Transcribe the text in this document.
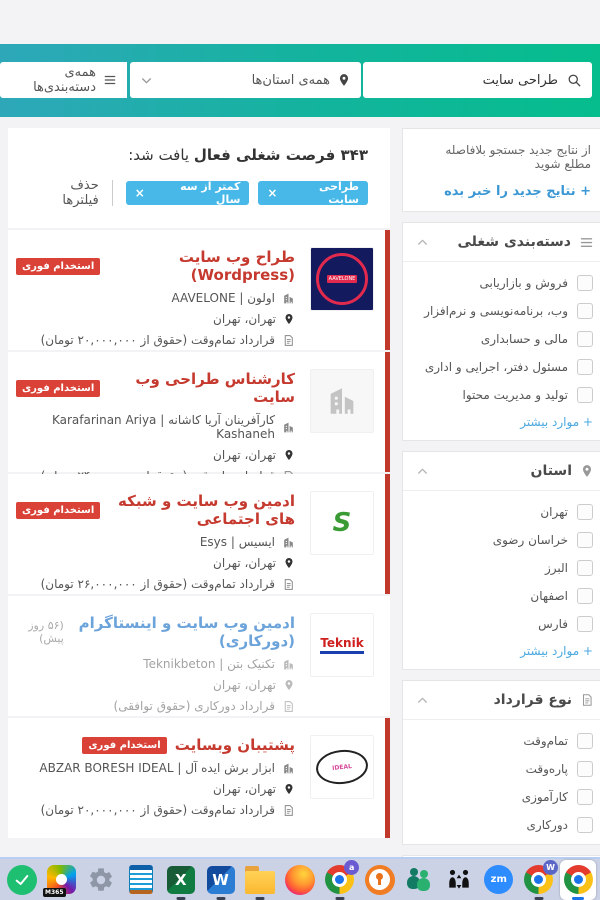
طراحی سایت
همه‌ی استان‌ها
همه‌ی دسته‌بندی‌ها
۳۴۳ فرصت شغلی فعال یافت شد:
طراحی سایت
×
کمتر از سه سال
×
حذف فیلترها
AAVELONE
طراح وب سایت (Wordpress)
استخدام فوری
اولون | AAVELONE
تهران، تهران
قرارداد تمام‌وقت (حقوق از ۲۰,۰۰۰,۰۰۰ تومان)
کارشناس طراحی وب سایت
استخدام فوری
کارآفرینان آریا کاشانه | Karafarinan Ariya Kashaneh
تهران، تهران
S
ادمین وب سایت و شبکه های اجتماعی
استخدام فوری
ایسیس | Esys
تهران، تهران
قرارداد تمام‌وقت (حقوق از ۲۶,۰۰۰,۰۰۰ تومان)
Teknik
ادمین وب سایت و اینستاگرام (دورکاری)
(۵۶ روز پیش)
تکنیک بتن | Teknikbeton
تهران، تهران
قرارداد دورکاری (حقوق توافقی)
IDEAL
پشتیبان وبسایت
استخدام فوری
ابزار برش ایده آل | ABZAR BORESH IDEAL
تهران، تهران
قرارداد تمام‌وقت (حقوق از ۲۰,۰۰۰,۰۰۰ تومان)
از نتایج جدید جستجو بلافاصله مطلع شوید
+ نتایج جدید را خبر بده
دسته‌بندی شغلی
فروش و بازاریابی
وب، برنامه‌نویسی و نرم‌افزار
مالی و حسابداری
مسئول دفتر، اجرایی و اداری
تولید و مدیریت محتوا
+ موارد بیشتر
استان
تهران
خراسان رضوی
البرز
اصفهان
فارس
+ موارد بیشتر
نوع قرارداد
تمام‌وقت
پاره‌وقت
کارآموزی
دورکاری
M365
X	W
a
zm
W
